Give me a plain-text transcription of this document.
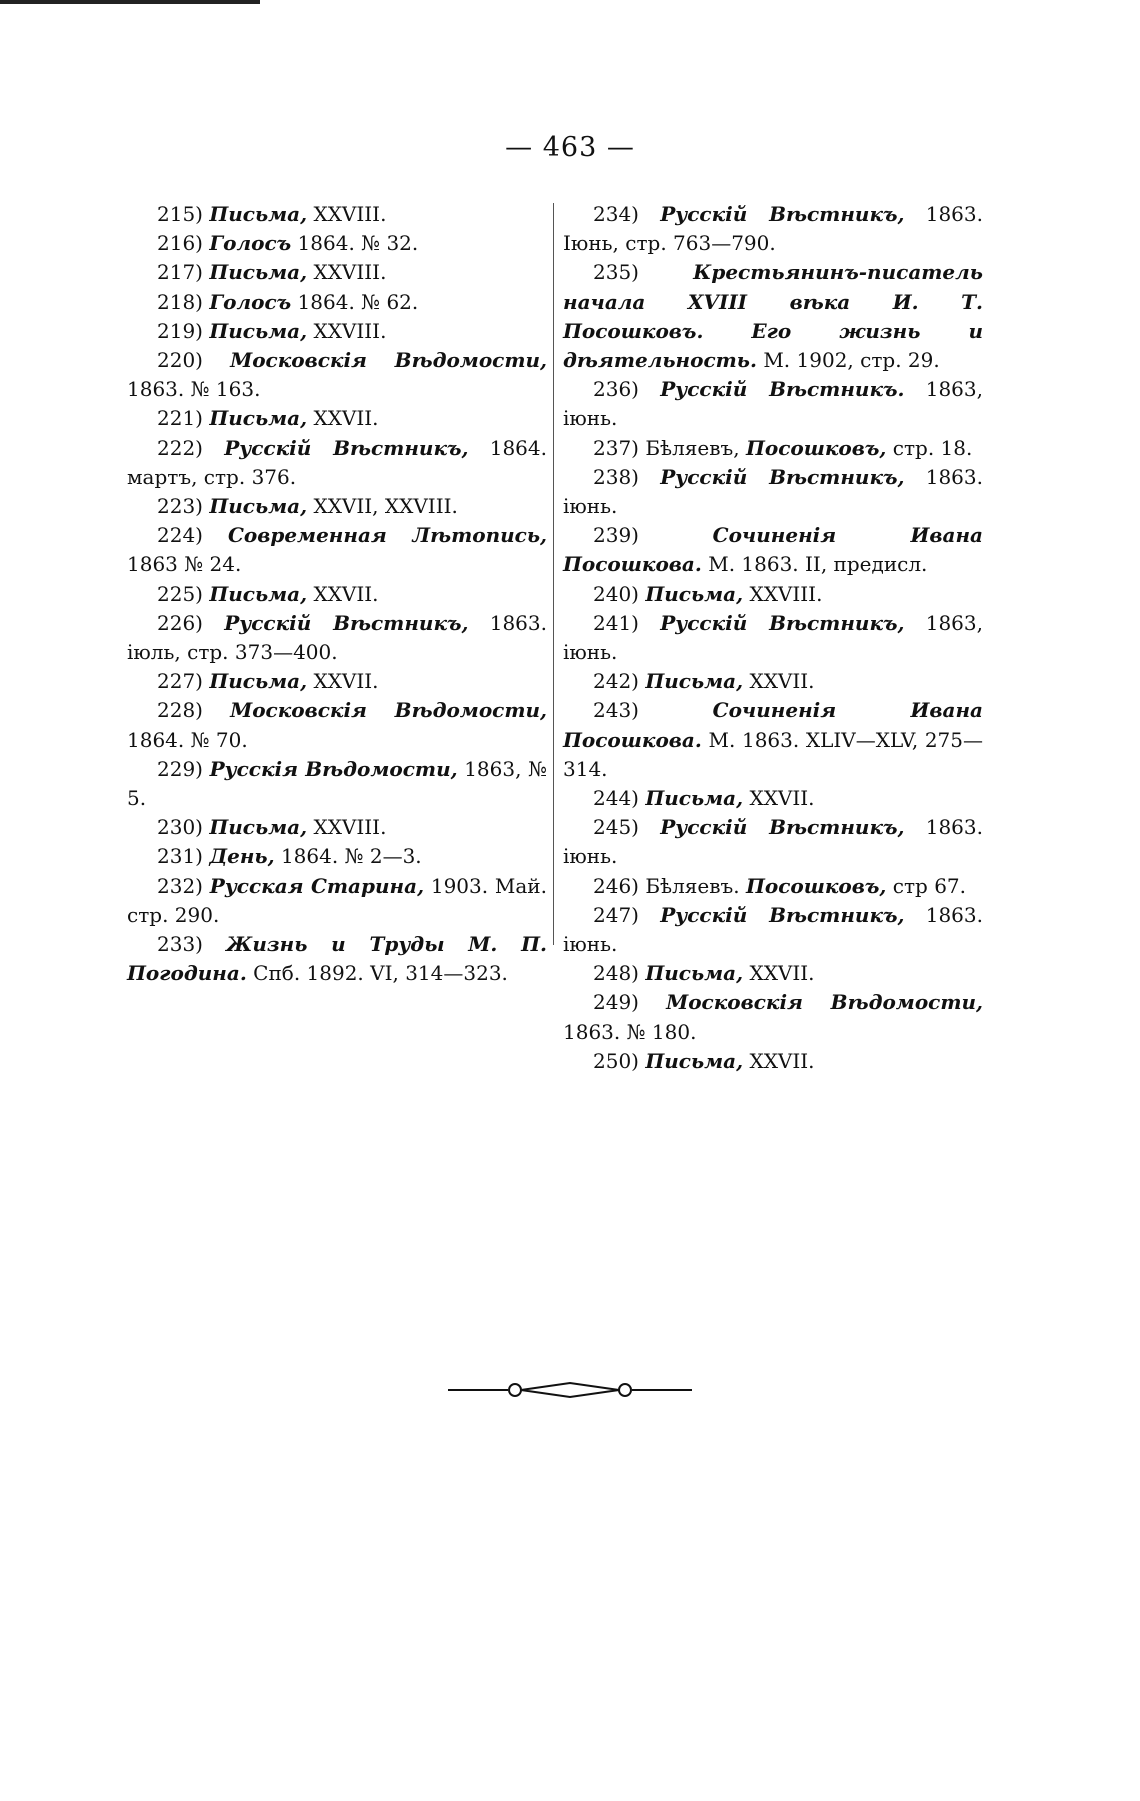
— 463 —
215) Письма, XXVIII.
216) Голосъ 1864. № 32.
217) Письма, XXVIII.
218) Голосъ 1864. № 62.
219) Письма, XXVIII.
220) Московскія Вѣдомости, 1863. № 163.
221) Письма, XXVII.
222) Русскій Вѣстникъ, 1864. мартъ, стр. 376.
223) Письма, XXVII, XXVIII.
224) Современная Лѣтопись, 1863 № 24.
225) Письма, XXVII.
226) Русскій Вѣстникъ, 1863. іюль, стр. 373—400.
227) Письма, XXVII.
228) Московскія Вѣдомости, 1864. № 70.
229) Русскія Вѣдомости, 1863, № 5.
230) Письма, XXVIII.
231) День, 1864. № 2—3.
232) Русская Старина, 1903. Май. стр. 290.
233) Жизнь и Труды М. П. Погодина. Спб. 1892. VI, 314—323.
234) Русскій Вѣстникъ, 1863. Іюнь, стр. 763—790.
235)	Крестьянинъ-писатель начала XVIII вѣка И. Т. Посошковъ. Его жизнь и дѣятельность. М. 1902, стр. 29.
236) Русскій Вѣстникъ. 1863, іюнь.
237) Бѣляевъ, Посошковъ, стр. 18.
238) Русскій Вѣстникъ, 1863. іюнь.
239)	Сочиненія Ивана Посошкова. М. 1863. II, предисл.
240) Письма, XXVIII.
241) Русскій Вѣстникъ, 1863, іюнь.
242) Письма, XXVII.
243)	Сочиненія Ивана Посошкова. М. 1863. XLIV—XLV, 275—314.
244) Письма, XXVII.
245) Русскій Вѣстникъ, 1863. іюнь.
246) Бѣляевъ. Посошковъ, стр 67.
247) Русскій Вѣстникъ, 1863. іюнь.
248) Письма, XXVII.
249) Московскія Вѣдомости, 1863. № 180.
250) Письма, XXVII.
